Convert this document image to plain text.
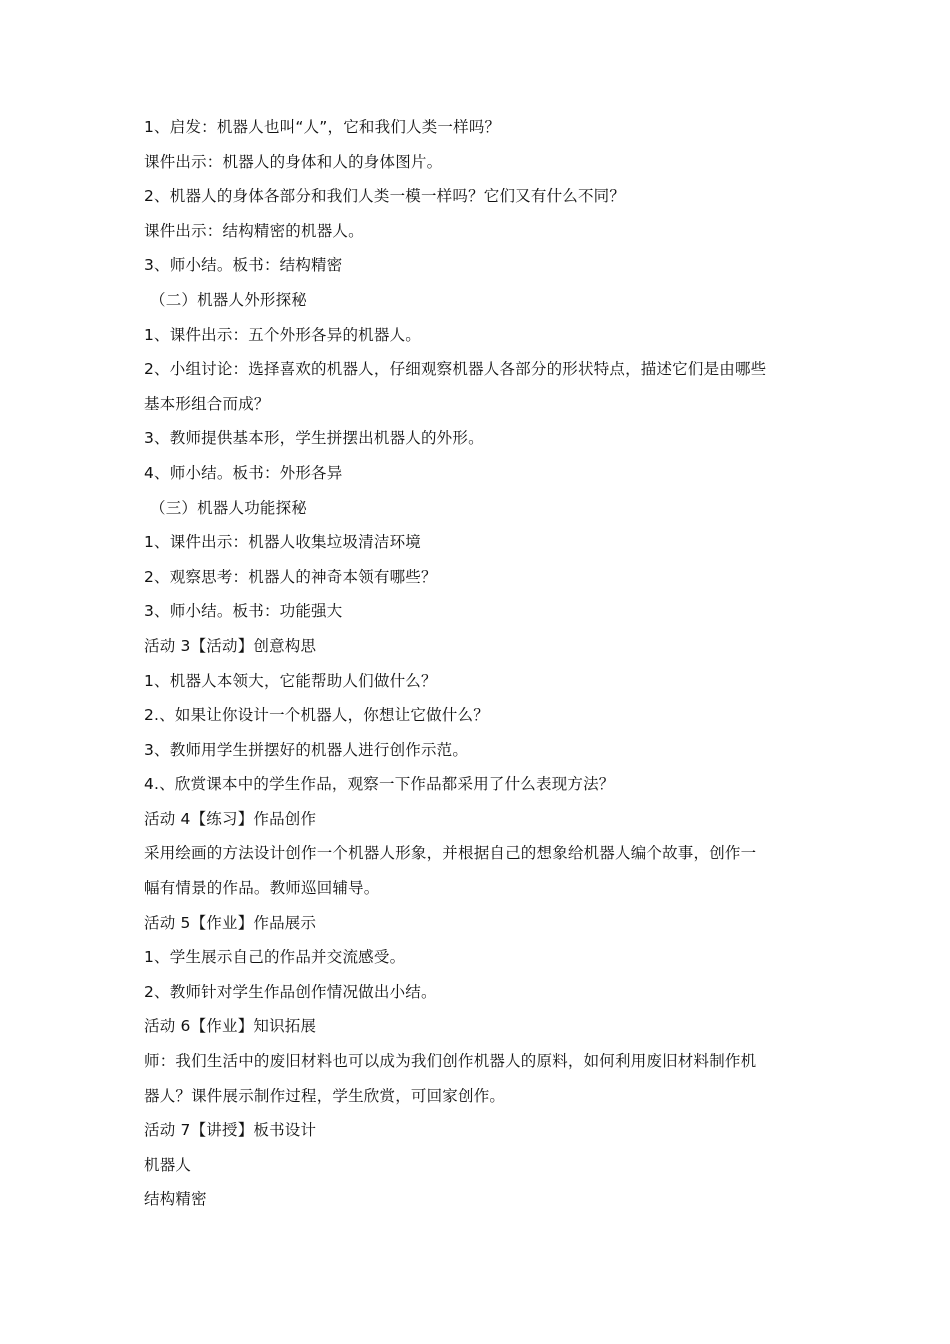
1、启发：机器人也叫“人”，它和我们人类一样吗？
课件出示：机器人的身体和人的身体图片。
2、机器人的身体各部分和我们人类一模一样吗？它们又有什么不同？
课件出示：结构精密的机器人。
3、师小结。板书：结构精密
（二）机器人外形探秘
1、课件出示：五个外形各异的机器人。
2、小组讨论：选择喜欢的机器人，仔细观察机器人各部分的形状特点，描述它们是由哪些
基本形组合而成？
3、教师提供基本形，学生拼摆出机器人的外形。
4、师小结。板书：外形各异
（三）机器人功能探秘
1、课件出示：机器人收集垃圾清洁环境
2、观察思考：机器人的神奇本领有哪些？
3、师小结。板书：功能强大
活动 3【活动】创意构思
1、机器人本领大，它能帮助人们做什么？
2.、如果让你设计一个机器人，你想让它做什么？
3、教师用学生拼摆好的机器人进行创作示范。
4.、欣赏课本中的学生作品，观察一下作品都采用了什么表现方法？
活动 4【练习】作品创作
采用绘画的方法设计创作一个机器人形象，并根据自己的想象给机器人编个故事，创作一
幅有情景的作品。教师巡回辅导。
活动 5【作业】作品展示
1、学生展示自己的作品并交流感受。
2、教师针对学生作品创作情况做出小结。
活动 6【作业】知识拓展
师：我们生活中的废旧材料也可以成为我们创作机器人的原料，如何利用废旧材料制作机
器人？课件展示制作过程，学生欣赏，可回家创作。
活动 7【讲授】板书设计
机器人
结构精密
